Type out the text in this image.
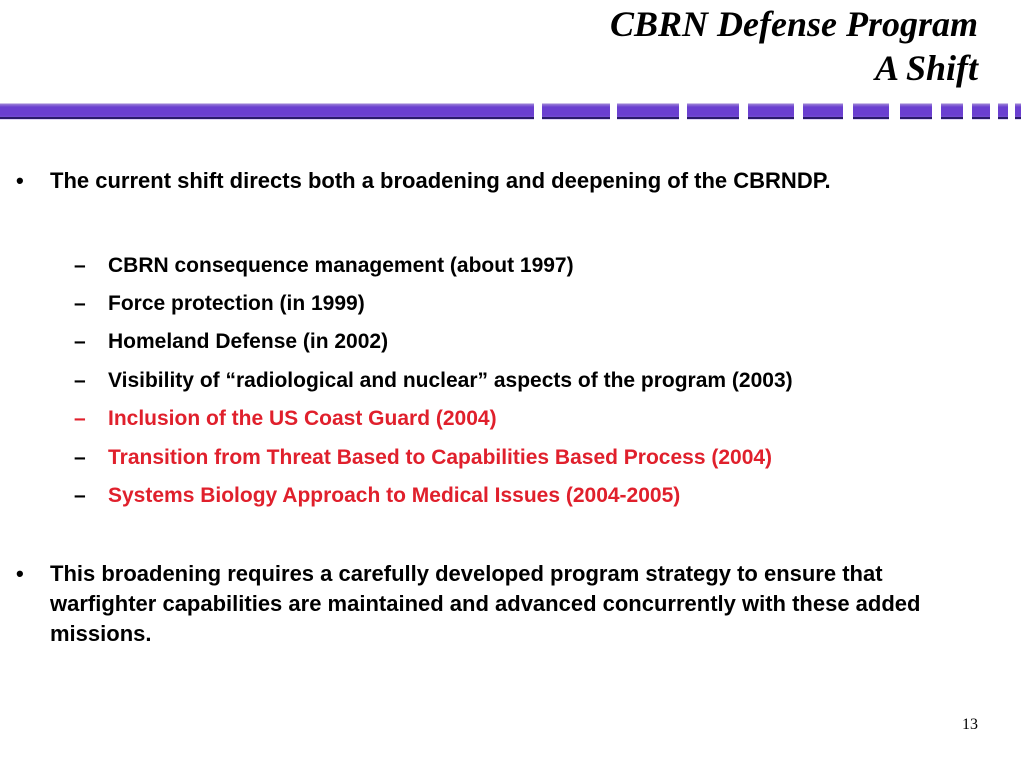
CBRN Defense Program
A Shift
• The current shift directs both a broadening and deepening of the CBRNDP.
– CBRN consequence management (about 1997)
– Force protection (in 1999)
– Homeland Defense (in 2002)
– Visibility of “radiological and nuclear” aspects of the program (2003)
– Inclusion of the US Coast Guard (2004)
– Transition from Threat Based to Capabilities Based Process (2004)
– Systems Biology Approach to Medical Issues (2004-2005)
• This broadening requires a carefully developed program strategy to ensure that warfighter capabilities are maintained and advanced concurrently with these added missions.
13
